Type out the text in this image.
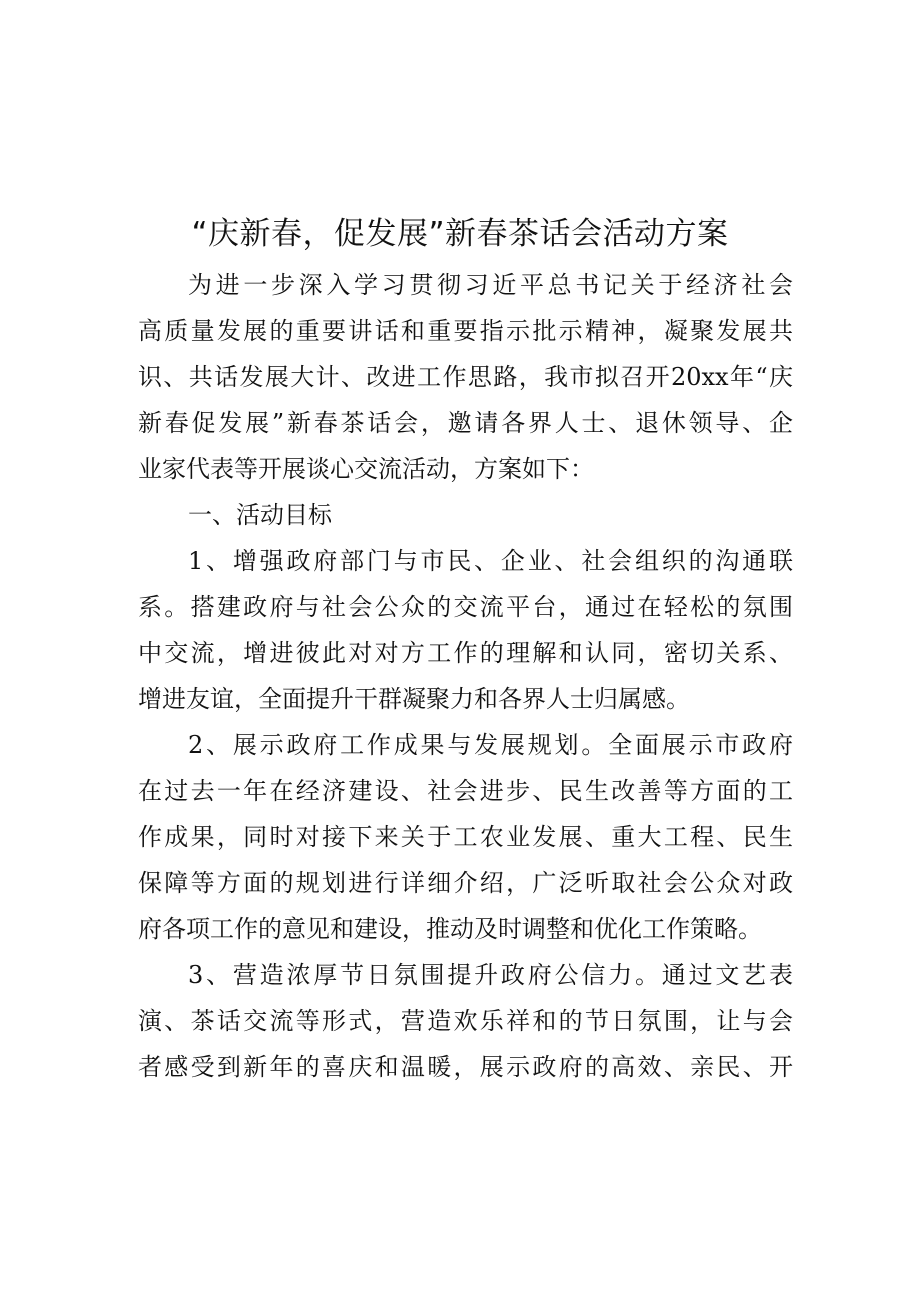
“庆新春，促发展”新春茶话会活动方案
为进一步深入学习贯彻习近平总书记关于经济社会
高质量发展的重要讲话和重要指示批示精神，凝聚发展共
识、共话发展大计、改进工作思路，我市拟召开20xx年“庆
新春促发展”新春茶话会，邀请各界人士、退休领导、企
业家代表等开展谈心交流活动，方案如下：
一、活动目标
1、增强政府部门与市民、企业、社会组织的沟通联
系。搭建政府与社会公众的交流平台，通过在轻松的氛围
中交流，增进彼此对对方工作的理解和认同，密切关系、
增进友谊，全面提升干群凝聚力和各界人士归属感。
2、展示政府工作成果与发展规划。全面展示市政府
在过去一年在经济建设、社会进步、民生改善等方面的工
作成果，同时对接下来关于工农业发展、重大工程、民生
保障等方面的规划进行详细介绍，广泛听取社会公众对政
府各项工作的意见和建设，推动及时调整和优化工作策略。
3、营造浓厚节日氛围提升政府公信力。通过文艺表
演、茶话交流等形式，营造欢乐祥和的节日氛围，让与会
者感受到新年的喜庆和温暖，展示政府的高效、亲民、开
